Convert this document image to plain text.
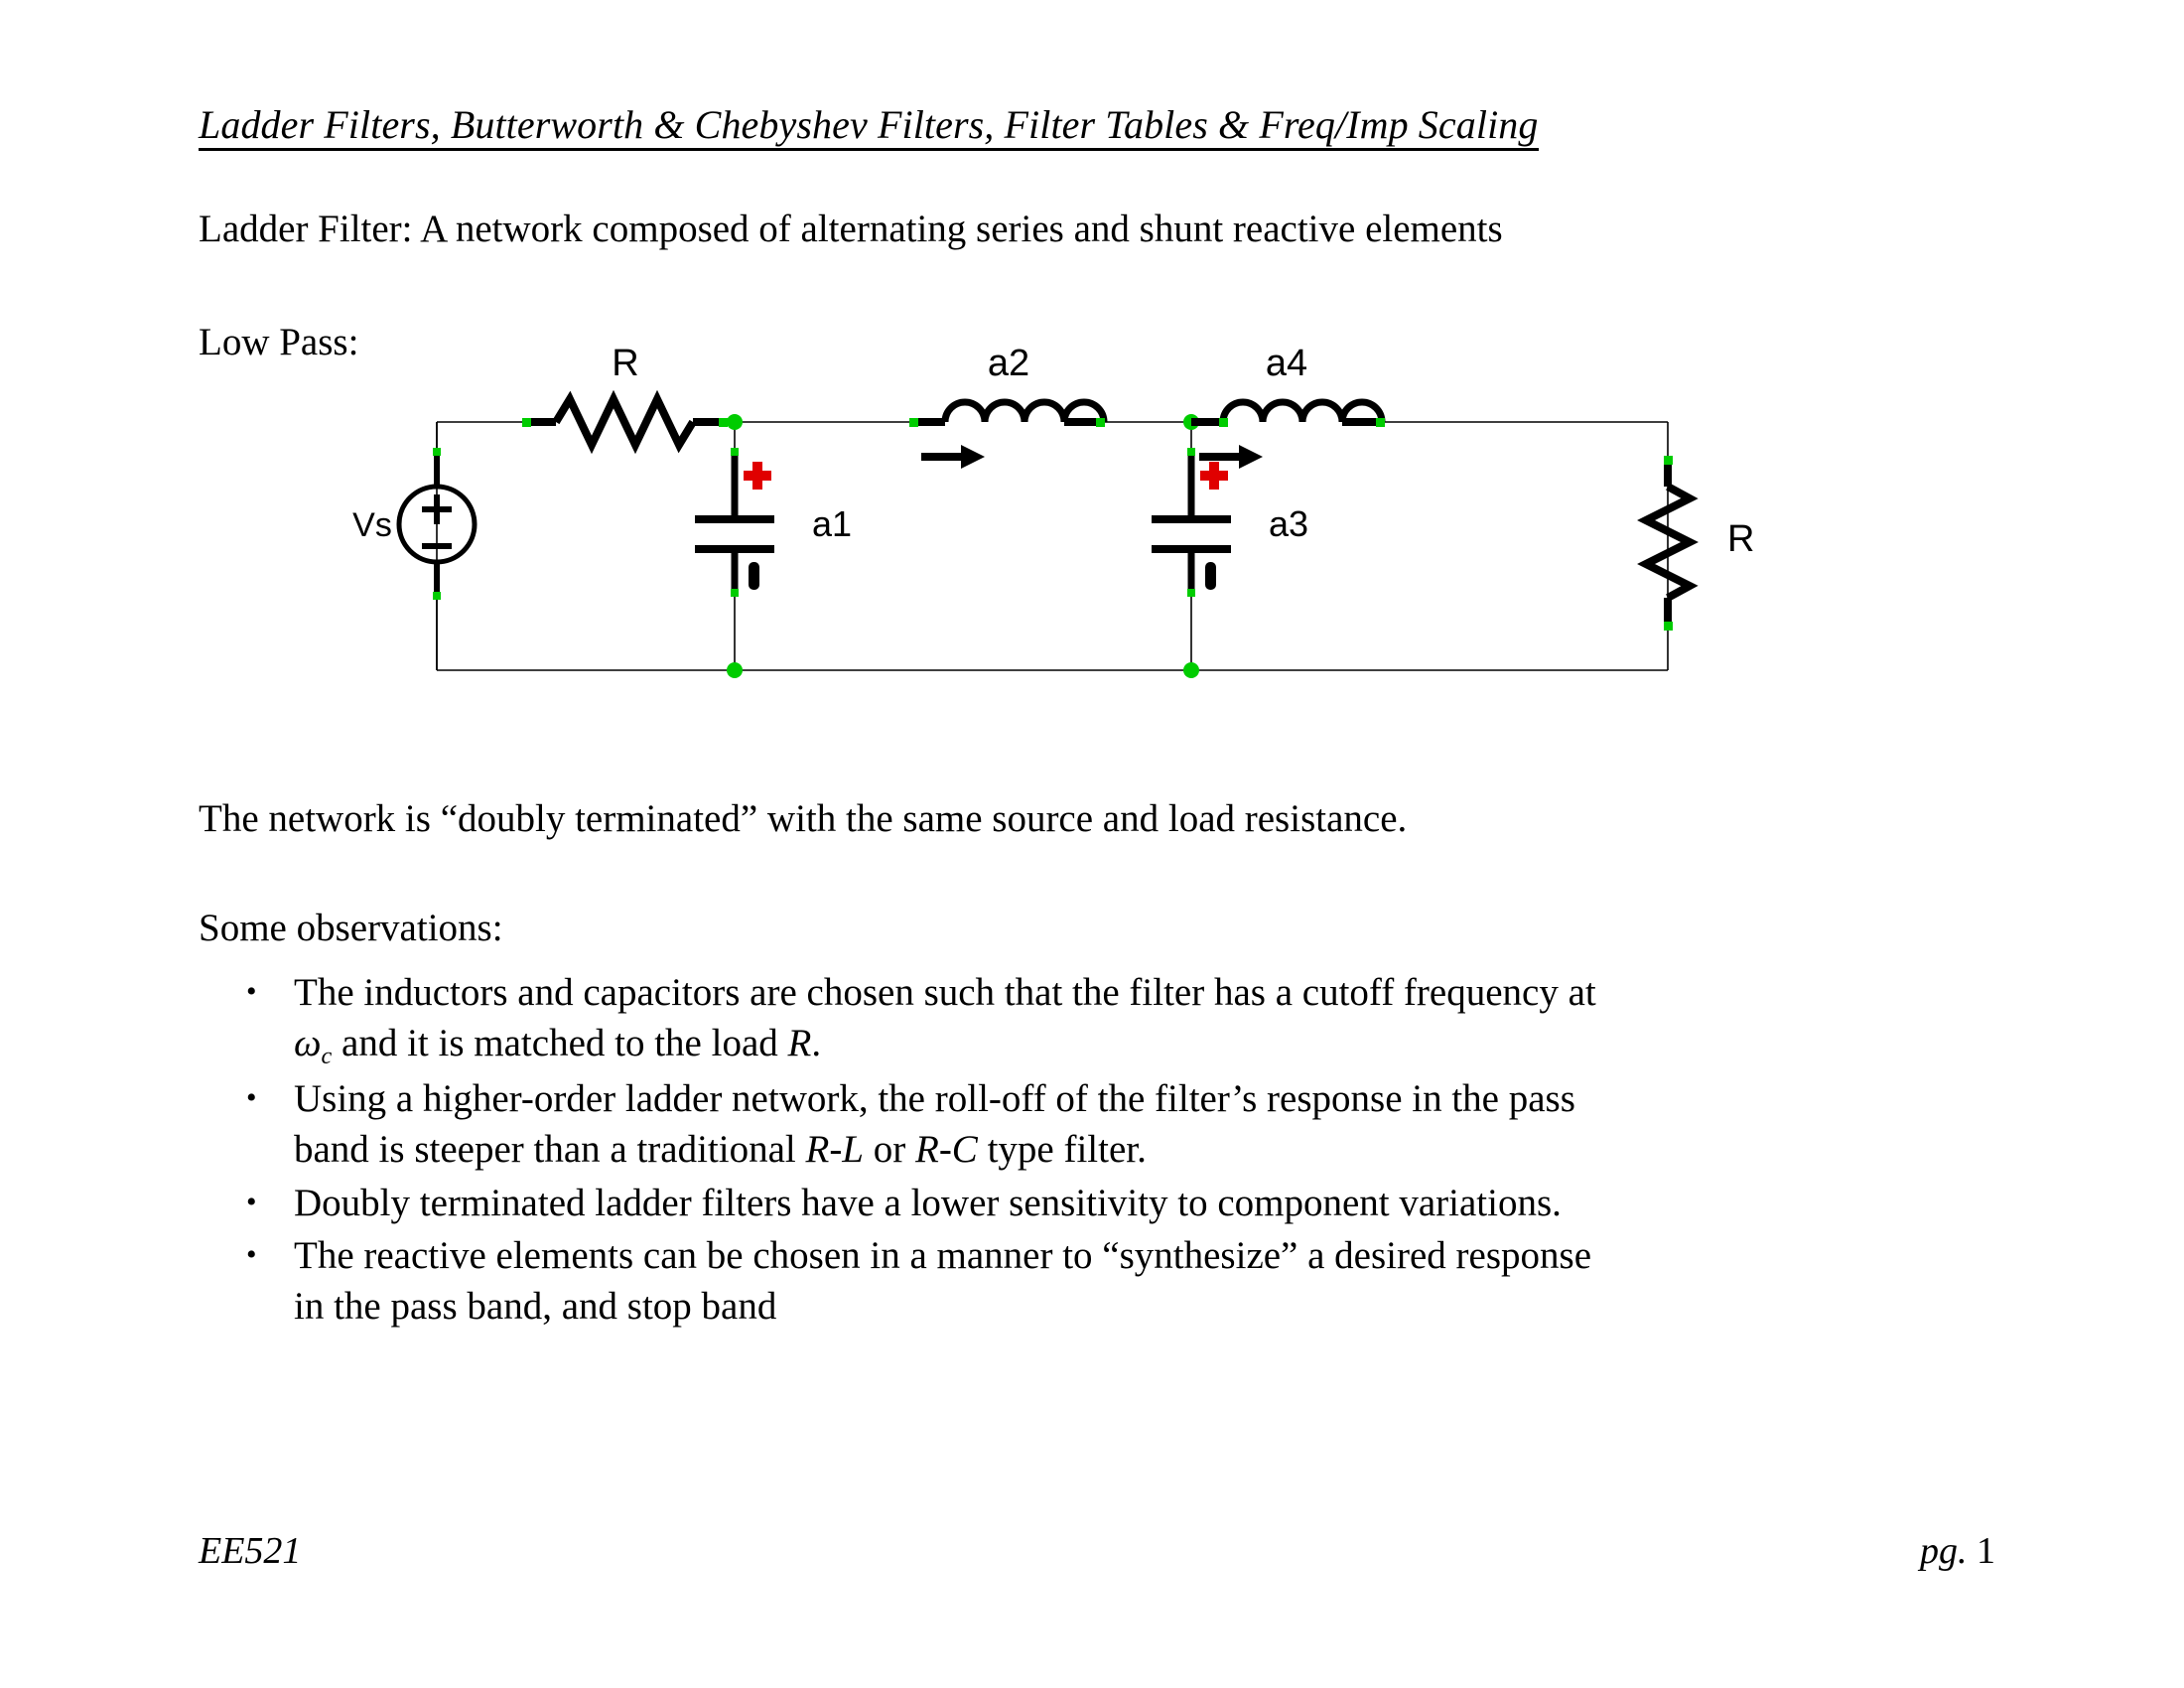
Ladder Filters, Butterworth & Chebyshev Filters, Filter Tables & Freq/Imp Scaling
Ladder Filter: A network composed of alternating series and shunt reactive elements
Low Pass:
Vs
R
a1
a2
a3
a4
R
The network is “doubly terminated” with the same source and load resistance.
Some observations:
• The inductors and capacitors are chosen such that the filter has a cutoff frequency at
$\omega_c$ and it is matched to the load R.
• Using a higher-order ladder network, the roll-off of the filter’s response in the pass
band is steeper than a traditional R-L or R-C type filter.
• Doubly terminated ladder filters have a lower sensitivity to component variations.
• The reactive elements can be chosen in a manner to “synthesize” a desired response
in the pass band, and stop band
EE521	pg. 1
